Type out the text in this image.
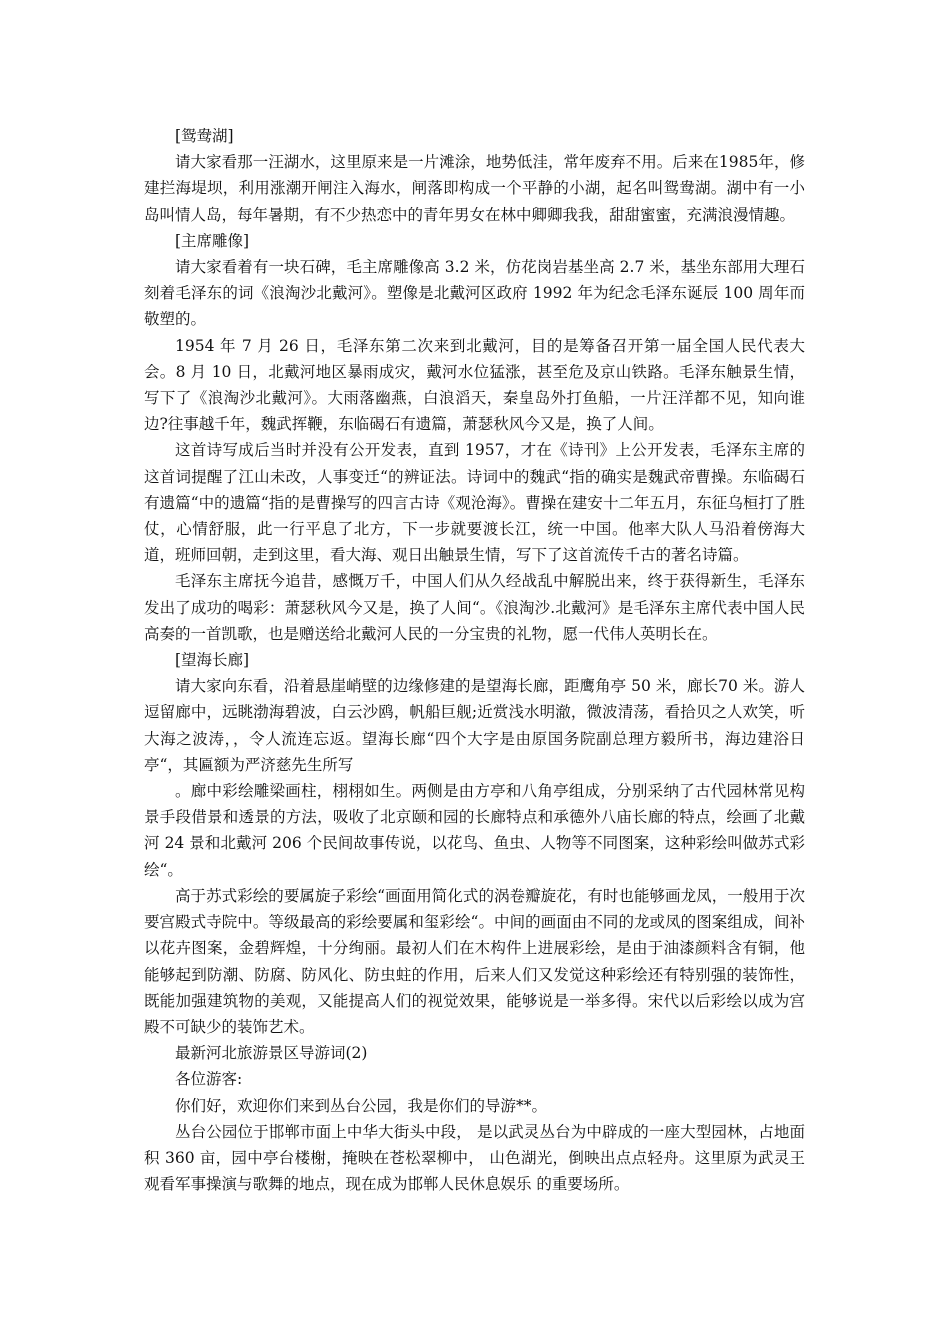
[鸳鸯湖]

请大家看那一汪湖水，这里原来是一片滩涂，地势低洼，常年废弃不用。后来在1985年，修建拦海堤坝，利用涨潮开闸注入海水，闸落即构成一个平静的小湖，起名叫鸳鸯湖。湖中有一小岛叫情人岛，每年暑期，有不少热恋中的青年男女在林中卿卿我我，甜甜蜜蜜，充满浪漫情趣。

[主席雕像]

请大家看着有一块石碑，毛主席雕像高 3.2 米，仿花岗岩基坐高 2.7 米，基坐东部用大理石刻着毛泽东的词《浪淘沙北戴河》。塑像是北戴河区政府 1992 年为纪念毛泽东诞辰 100 周年而敬塑的。

1954 年 7 月 26 日，毛泽东第二次来到北戴河，目的是筹备召开第一届全国人民代表大会。8 月 10 日，北戴河地区暴雨成灾，戴河水位猛涨，甚至危及京山铁路。毛泽东触景生情，写下了《浪淘沙北戴河》。大雨落幽燕，白浪滔天，秦皇岛外打鱼船，一片汪洋都不见，知向谁边?往事越千年，魏武挥鞭，东临碣石有遗篇，萧瑟秋风今又是，换了人间。

这首诗写成后当时并没有公开发表，直到 1957，才在《诗刊》上公开发表，毛泽东主席的这首词提醒了江山未改，人事变迁“的辨证法。诗词中的魏武“指的确实是魏武帝曹操。东临碣石有遗篇“中的遗篇“指的是曹操写的四言古诗《观沧海》。曹操在建安十二年五月，东征乌桓打了胜仗，心情舒服，此一行平息了北方，下一步就要渡长江，统一中国。他率大队人马沿着傍海大道，班师回朝，走到这里，看大海、观日出触景生情，写下了这首流传千古的著名诗篇。

毛泽东主席抚今追昔，感慨万千，中国人们从久经战乱中解脱出来，终于获得新生，毛泽东发出了成功的喝彩：萧瑟秋风今又是，换了人间“。《浪淘沙.北戴河》是毛泽东主席代表中国人民高奏的一首凯歌，也是赠送给北戴河人民的一分宝贵的礼物，愿一代伟人英明长在。

[望海长廊]

请大家向东看，沿着悬崖峭壁的边缘修建的是望海长廊，距鹰角亭 50 米，廊长70 米。游人逗留廊中，远眺渤海碧波，白云沙鸥，帆船巨舰;近赏浅水明澈，微波清荡，看拾贝之人欢笑，听大海之波涛，，令人流连忘返。望海长廊“四个大字是由原国务院副总理方毅所书，海边建浴日亭“，其匾额为严济慈先生所写

。廊中彩绘雕梁画柱，栩栩如生。两侧是由方亭和八角亭组成，分别采纳了古代园林常见构景手段借景和透景的方法，吸收了北京颐和园的长廊特点和承德外八庙长廊的特点，绘画了北戴河 24 景和北戴河 206 个民间故事传说，以花鸟、鱼虫、人物等不同图案，这种彩绘叫做苏式彩绘“。

高于苏式彩绘的要属旋子彩绘“画面用简化式的涡卷瓣旋花，有时也能够画龙凤，一般用于次要宫殿式寺院中。等级最高的彩绘要属和玺彩绘“。中间的画面由不同的龙或凤的图案组成，间补以花卉图案，金碧辉煌，十分绚丽。最初人们在木构件上进展彩绘，是由于油漆颜料含有铜，他能够起到防潮、防腐、防风化、防虫蛀的作用，后来人们又发觉这种彩绘还有特别强的装饰性，既能加强建筑物的美观，又能提高人们的视觉效果，能够说是一举多得。宋代以后彩绘以成为宫殿不可缺少的装饰艺术。

最新河北旅游景区导游词(2)

各位游客:

你们好，欢迎你们来到丛台公园，我是你们的导游**。

丛台公园位于邯郸市面上中华大街头中段， 是以武灵丛台为中辟成的一座大型园林，占地面积 360 亩，园中亭台楼榭，掩映在苍松翠柳中， 山色湖光，倒映出点点轻舟。这里原为武灵王观看军事操演与歌舞的地点，现在成为邯郸人民休息娱乐 的重要场所。
